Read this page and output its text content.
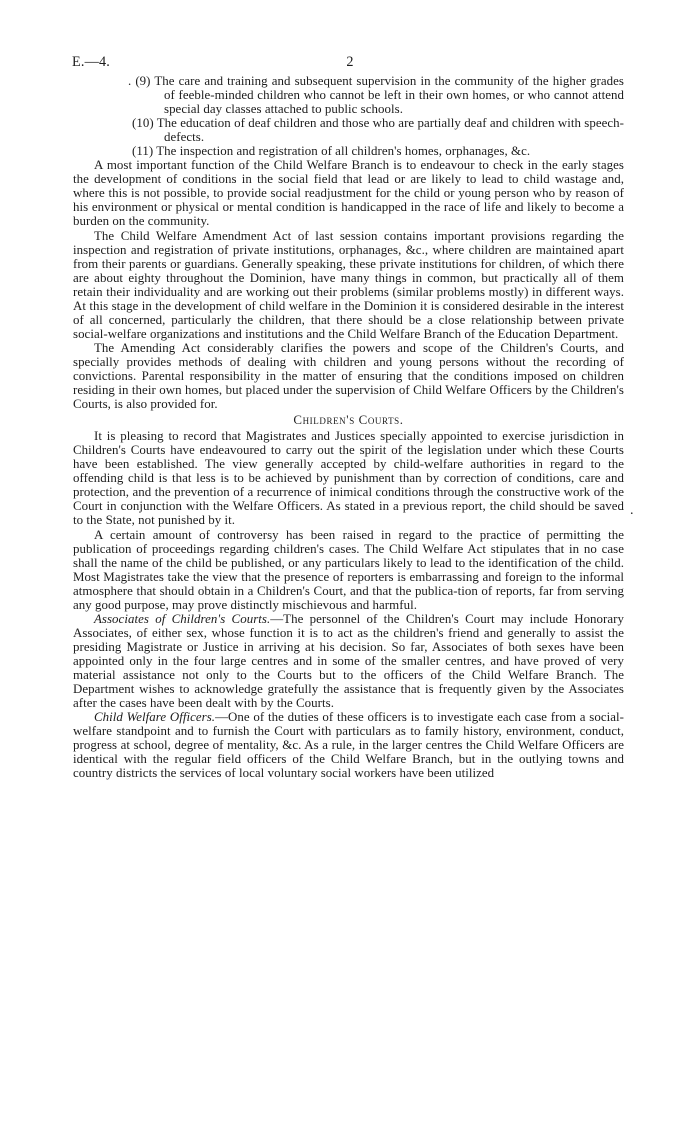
E.—4.	2

. (9) The care and training and subsequent supervision in the community of the higher grades of feeble-minded children who cannot be left in their own homes, or who cannot attend special day classes attached to public schools.

(10) The education of deaf children and those who are partially deaf and children with speech-defects.

(11) The inspection and registration of all children's homes, orphanages, &c.

A most important function of the Child Welfare Branch is to endeavour to check in the early stages the development of conditions in the social field that lead or are likely to lead to child wastage and, where this is not possible, to provide social readjustment for the child or young person who by reason of his environment or physical or mental condition is handicapped in the race of life and likely to become a burden on the community.

The Child Welfare Amendment Act of last session contains important provisions regarding the inspection and registration of private institutions, orphanages, &c., where children are maintained apart from their parents or guardians. Generally speaking, these private institutions for children, of which there are about eighty throughout the Dominion, have many things in common, but practically all of them retain their individuality and are working out their problems (similar problems mostly) in different ways. At this stage in the development of child welfare in the Dominion it is considered desirable in the interest of all concerned, particularly the children, that there should be a close relationship between private social-welfare organizations and institutions and the Child Welfare Branch of the Education Department.

The Amending Act considerably clarifies the powers and scope of the Children's Courts, and specially provides methods of dealing with children and young persons without the recording of convictions. Parental responsibility in the matter of ensuring that the conditions imposed on children residing in their own homes, but placed under the supervision of Child Welfare Officers by the Children's Courts, is also provided for.

Children's Courts.

It is pleasing to record that Magistrates and Justices specially appointed to exercise jurisdiction in Children's Courts have endeavoured to carry out the spirit of the legislation under which these Courts have been established. The view generally accepted by child-welfare authorities in regard to the offending child is that less is to be achieved by punishment than by correction of conditions, care and protection, and the prevention of a recurrence of inimical conditions through the constructive work of the Court in conjunction with the Welfare Officers. As stated in a previous report, the child should be saved to the State, not punished by it.

A certain amount of controversy has been raised in regard to the practice of permitting the publication of proceedings regarding children's cases. The Child Welfare Act stipulates that in no case shall the name of the child be published, or any particulars likely to lead to the identification of the child. Most Magistrates take the view that the presence of reporters is embarrassing and foreign to the informal atmosphere that should obtain in a Children's Court, and that the publica-tion of reports, far from serving any good purpose, may prove distinctly mischievous and harmful.

Associates of Children's Courts.—The personnel of the Children's Court may include Honorary Associates, of either sex, whose function it is to act as the children's friend and generally to assist the presiding Magistrate or Justice in arriving at his decision. So far, Associates of both sexes have been appointed only in the four large centres and in some of the smaller centres, and have proved of very material assistance not only to the Courts but to the officers of the Child Welfare Branch. The Department wishes to acknowledge gratefully the assistance that is frequently given by the Associates after the cases have been dealt with by the Courts.

Child Welfare Officers.—One of the duties of these officers is to investigate each case from a social-welfare standpoint and to furnish the Court with particulars as to family history, environment, conduct, progress at school, degree of mentality, &c. As a rule, in the larger centres the Child Welfare Officers are identical with the regular field officers of the Child Welfare Branch, but in the outlying towns and country districts the services of local voluntary social workers have been utilized

.
